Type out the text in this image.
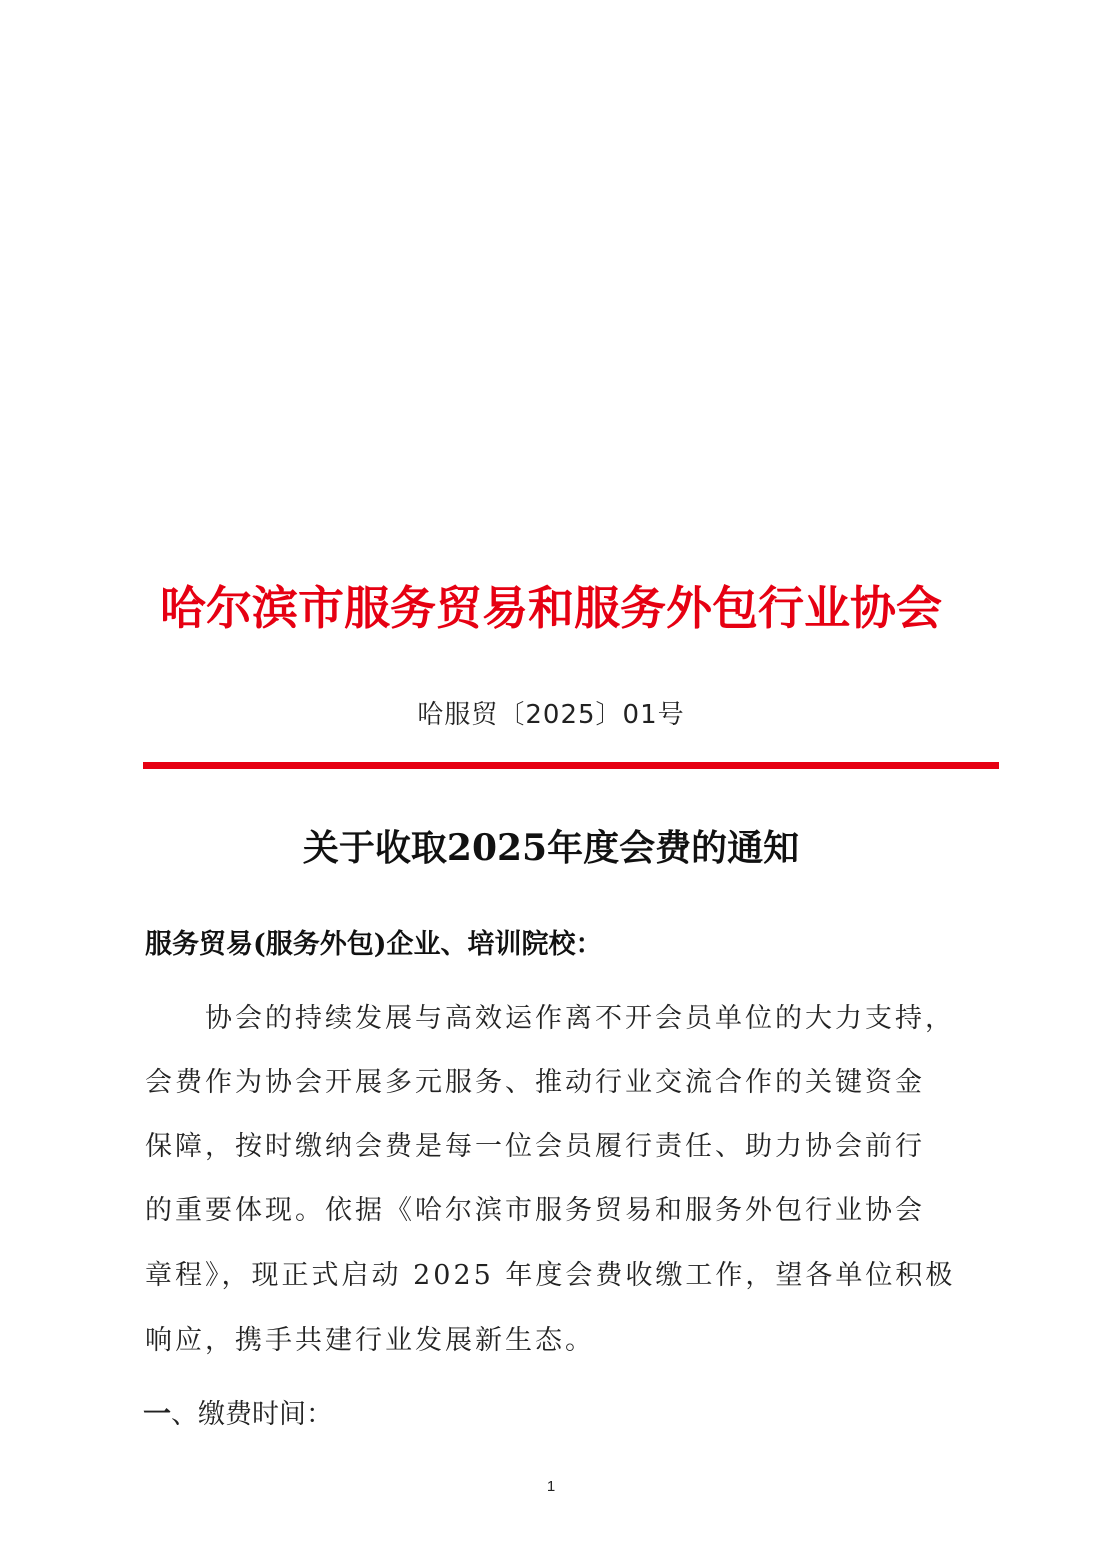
哈尔滨市服务贸易和服务外包行业协会
哈服贸〔2025〕01号
关于收取2025年度会费的通知
服务贸易(服务外包)企业、培训院校：
　　协会的持续发展与高效运作离不开会员单位的大力支持，
会费作为协会开展多元服务、推动行业交流合作的关键资金
保障，按时缴纳会费是每一位会员履行责任、助力协会前行
的重要体现。依据《哈尔滨市服务贸易和服务外包行业协会
章程》，现正式启动 2025 年度会费收缴工作，望各单位积极
响应，携手共建行业发展新生态。
一、缴费时间：
1
